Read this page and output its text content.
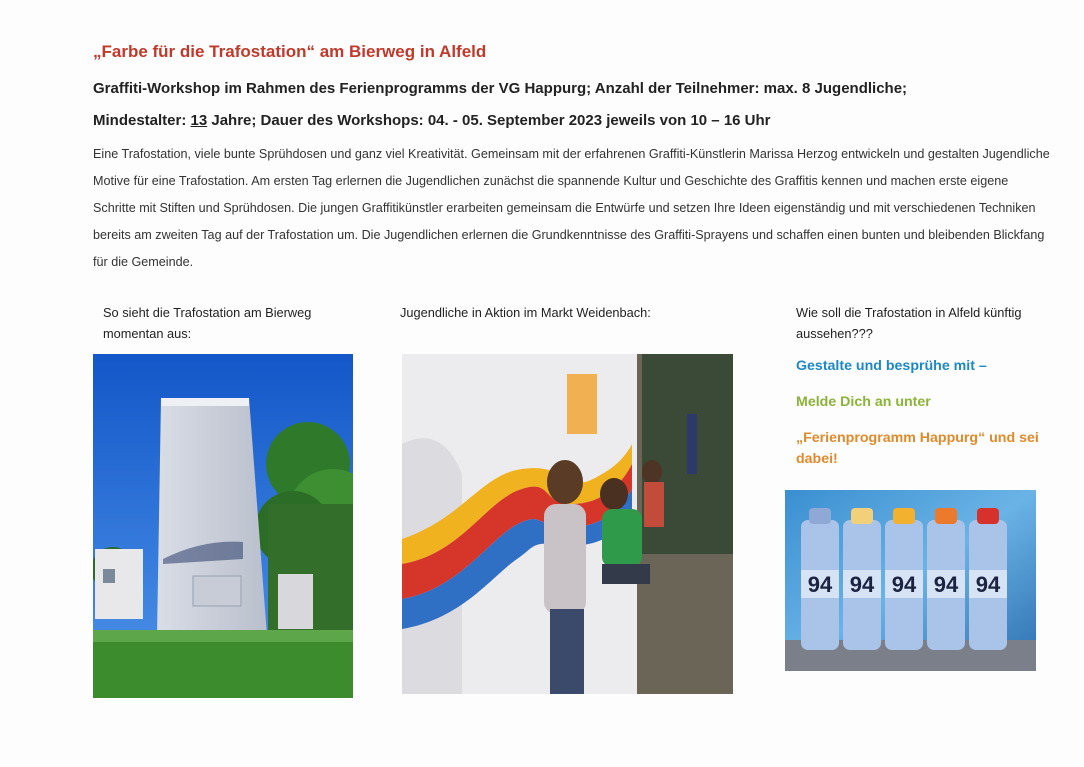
„Farbe für die Trafostation“ am Bierweg in Alfeld
Graffiti-Workshop im Rahmen des Ferienprogramms der VG Happurg; Anzahl der Teilnehmer: max. 8 Jugendliche;
Mindestalter: 13 Jahre; Dauer des Workshops: 04. - 05. September 2023 jeweils von 10 – 16 Uhr
Eine Trafostation, viele bunte Sprühdosen und ganz viel Kreativität. Gemeinsam mit der erfahrenen Graffiti-Künstlerin Marissa Herzog entwickeln und gestalten Jugendliche Motive für eine Trafostation. Am ersten Tag erlernen die Jugendlichen zunächst die spannende Kultur und Geschichte des Graffitis kennen und machen erste eigene Schritte mit Stiften und Sprühdosen. Die jungen Graffitikünstler erarbeiten gemeinsam die Entwürfe und setzen Ihre Ideen eigenständig und mit verschiedenen Techniken bereits am zweiten Tag auf der Trafostation um. Die Jugendlichen erlernen die Grundkenntnisse des Graffiti-Sprayens und schaffen einen bunten und bleibenden Blickfang für die Gemeinde.
So sieht die Trafostation am Bierweg momentan aus:
Jugendliche in Aktion im Markt Weidenbach:	Wie soll die Trafostation in Alfeld künftig aussehen???
Gestalte und besprühe mit –
Melde Dich an unter
„Ferienprogramm Happurg“ und sei dabei!
94 94 94 94 94
